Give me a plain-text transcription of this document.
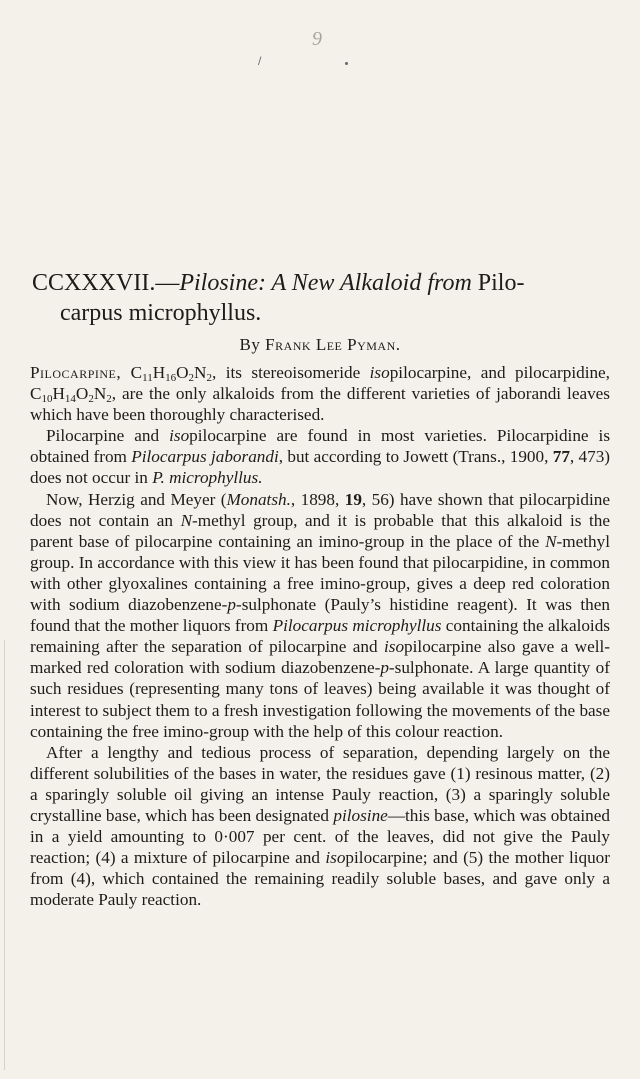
9
/
CCXXXVII.—Pilosine: A New Alkaloid from Pilo-
carpus microphyllus.
By Frank Lee Pyman.

Pilocarpine, $C_{11}H_{16}O_2N_2$, its stereoisomeride isopilocarpine, and pilocarpidine, $C_{10}H_{14}O_2N_2$, are the only alkaloids from the different varieties of jaborandi leaves which have been thoroughly characterised.

Pilocarpine and isopilocarpine are found in most varieties. Pilocarpidine is obtained from Pilocarpus jaborandi, but according to Jowett (Trans., 1900, 77, 473) does not occur in P. microphyllus.

Now, Herzig and Meyer (Monatsh., 1898, 19, 56) have shown that pilocarpidine does not contain an N-methyl group, and it is probable that this alkaloid is the parent base of pilocarpine containing an imino-group in the place of the N-methyl group. In accordance with this view it has been found that pilocarpidine, in common with other glyoxalines containing a free imino-group, gives a deep red coloration with sodium diazobenzene-p-sulphonate (Pauly’s histidine reagent). It was then found that the mother liquors from Pilocarpus microphyllus containing the alkaloids remaining after the separation of pilocarpine and isopilocarpine also gave a well-marked red coloration with sodium diazobenzene-p-sulphonate. A large quantity of such residues (representing many tons of leaves) being available it was thought of interest to subject them to a fresh investigation following the movements of the base containing the free imino-group with the help of this colour reaction.

After a lengthy and tedious process of separation, depending largely on the different solubilities of the bases in water, the residues gave (1) resinous matter, (2) a sparingly soluble oil giving an intense Pauly reaction, (3) a sparingly soluble crystalline base, which has been designated pilosine—this base, which was obtained in a yield amounting to 0·007 per cent. of the leaves, did not give the Pauly reaction; (4) a mixture of pilocarpine and isopilocarpine; and (5) the mother liquor from (4), which contained the remaining readily soluble bases, and gave only a moderate Pauly reaction.
